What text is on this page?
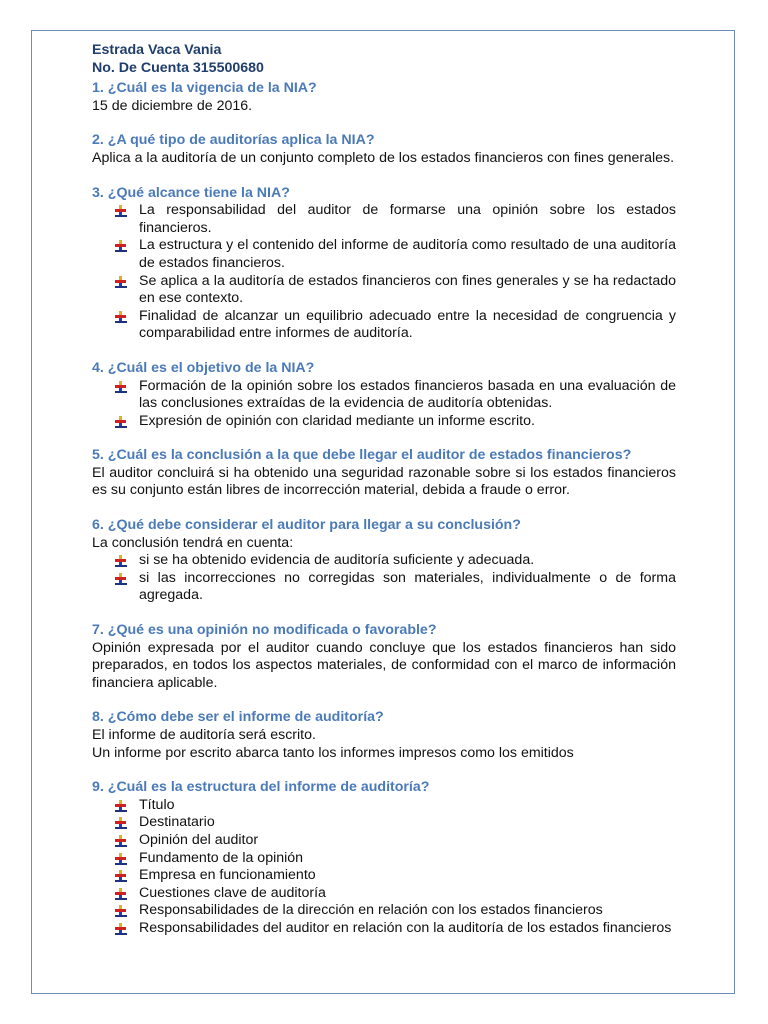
Estrada Vaca Vania
No. De Cuenta 315500680
1. ¿Cuál es la vigencia de la NIA?
15 de diciembre de 2016.
2. ¿A qué tipo de auditorías aplica la NIA?
Aplica a la auditoría de un conjunto completo de los estados financieros con fines generales.
3. ¿Qué alcance tiene la NIA?
La responsabilidad del auditor de formarse una opinión sobre los estados financieros.
La estructura y el contenido del informe de auditoría como resultado de una auditoría de estados financieros.
Se aplica a la auditoría de estados financieros con fines generales y se ha redactado en ese contexto.
Finalidad de alcanzar un equilibrio adecuado entre la necesidad de congruencia y comparabilidad entre informes de auditoría.
4. ¿Cuál es el objetivo de la NIA?
Formación de la opinión sobre los estados financieros basada en una evaluación de las conclusiones extraídas de la evidencia de auditoría obtenidas.
Expresión de opinión con claridad mediante un informe escrito.
5. ¿Cuál es la conclusión a la que debe llegar el auditor de estados financieros?
El auditor concluirá si ha obtenido una seguridad razonable sobre si los estados financieros es su conjunto están libres de incorrección material, debida a fraude o error.
6. ¿Qué debe considerar el auditor para llegar a su conclusión?
La conclusión tendrá en cuenta:
si se ha obtenido evidencia de auditoría suficiente y adecuada.
si las incorrecciones no corregidas son materiales, individualmente o de forma agregada.
7. ¿Qué es una opinión no modificada o favorable?
Opinión expresada por el auditor cuando concluye que los estados financieros han sido preparados, en todos los aspectos materiales, de conformidad con el marco de información financiera aplicable.
8. ¿Cómo debe ser el informe de auditoría?
El informe de auditoría será escrito.
Un informe por escrito abarca tanto los informes impresos como los emitidos
9. ¿Cuál es la estructura del informe de auditoría?
Título
Destinatario
Opinión del auditor
Fundamento de la opinión
Empresa en funcionamiento
Cuestiones clave de auditoría
Responsabilidades de la dirección en relación con los estados financieros
Responsabilidades del auditor en relación con la auditoría de los estados financieros
